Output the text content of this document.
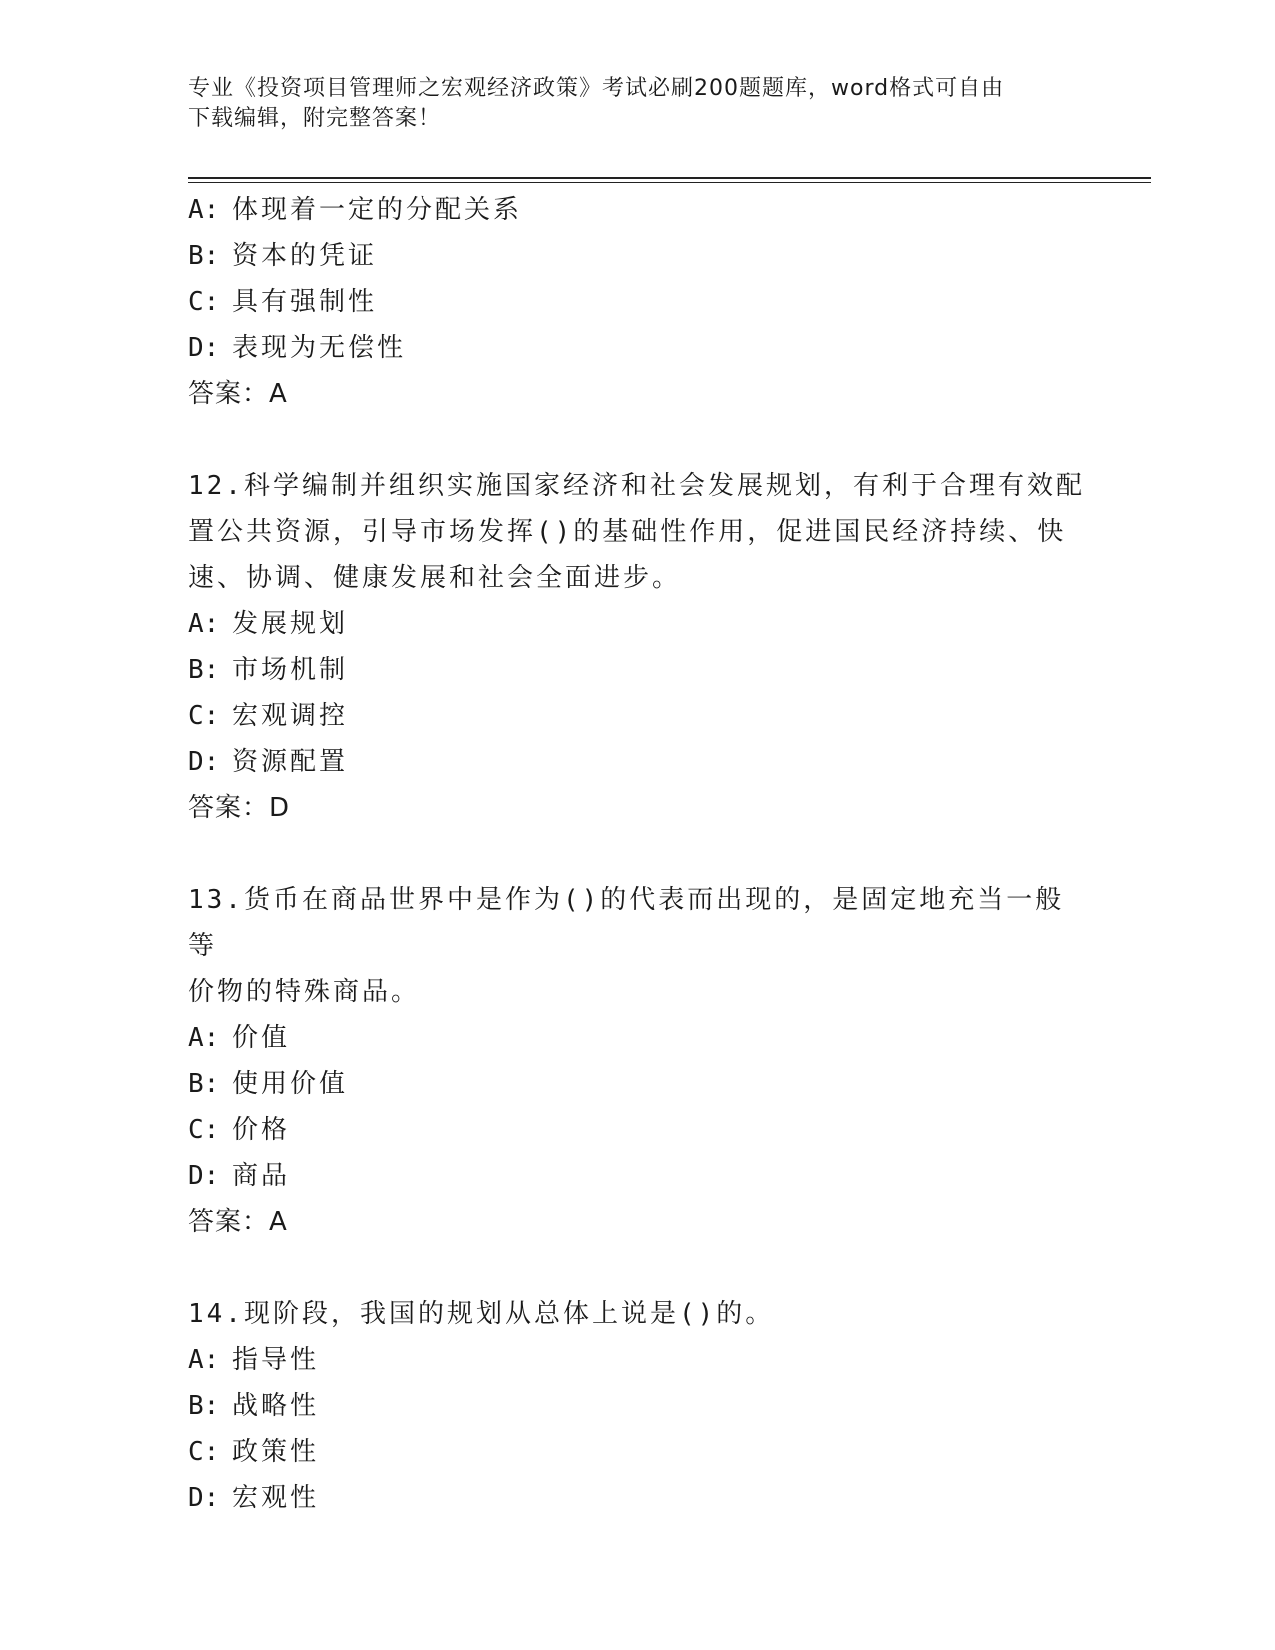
专业《投资项目管理师之宏观经济政策》考试必刷200题题库，word格式可自由
下载编辑，附完整答案！
A: 体现着一定的分配关系
B: 资本的凭证
C: 具有强制性
D: 表现为无偿性
答案：A
12.科学编制并组织实施国家经济和社会发展规划，有利于合理有效配
置公共资源，引导市场发挥()的基础性作用，促进国民经济持续、快
速、协调、健康发展和社会全面进步。
A: 发展规划
B: 市场机制
C: 宏观调控
D: 资源配置
答案：D
13.货币在商品世界中是作为()的代表而出现的，是固定地充当一般等
价物的特殊商品。
A: 价值
B: 使用价值
C: 价格
D: 商品
答案：A
14.现阶段，我国的规划从总体上说是()的。
A: 指导性
B: 战略性
C: 政策性
D: 宏观性
